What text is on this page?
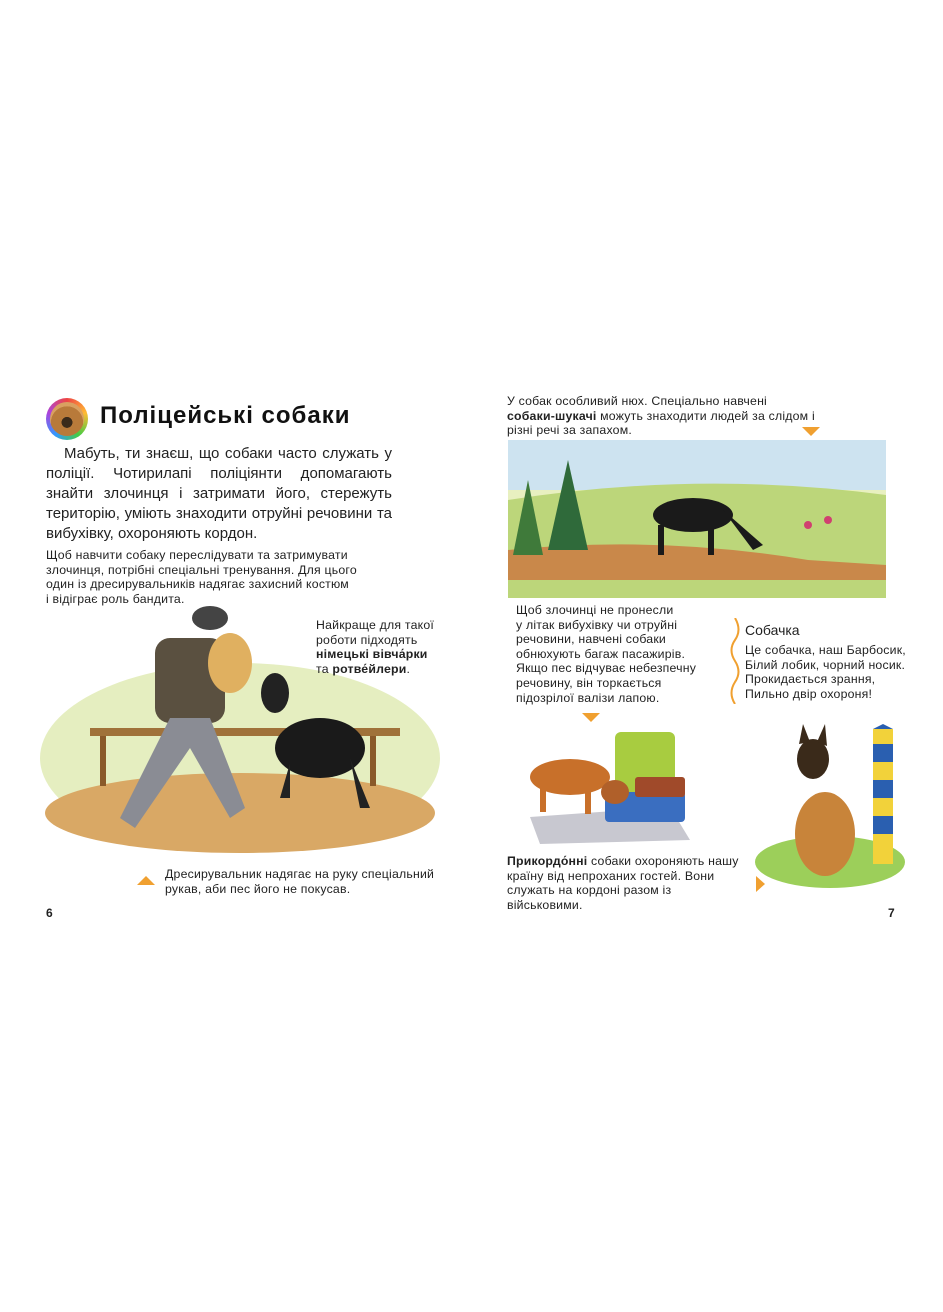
Поліцейські собаки
Мабуть, ти знаєш, що собаки часто служать у поліції. Чотирилапі поліціянти допомагають знайти злочинця і затримати його, стережуть територію, уміють знаходити отруйні речовини та вибухівку, охороняють кордон.
Щоб навчити собаку переслідувати та затримувати
злочинця, потрібні спеціальні тренування. Для цього
один із дресирувальників надягає захисний костюм
і відіграє роль бандита.
Найкраще для такої
роботи підходять
німецькі вівча́рки
та ротве́йлери.
Дресирувальник надягає на руку спеціальний
рукав, аби пес його не покусав.
6
У собак особливий нюх. Спеціально навчені собаки-шукачі можуть знаходити людей за слідом і різні речі за запахом.
Щоб злочинці не пронесли
у літак вибухівку чи отруйні
речовини, навчені собаки
обнюхують багаж пасажирів.
Якщо пес відчуває небезпечну
речовину, він торкається
підозрілої валізи лапою.
Собачка
Це собачка, наш Барбосик,
Білий лобик, чорний носик.
Прокидається зрання,
Пильно двір охороня!
Прикордо́нні собаки охороняють нашу країну від непроханих гостей. Вони служать на кордоні разом із військовими.
7
